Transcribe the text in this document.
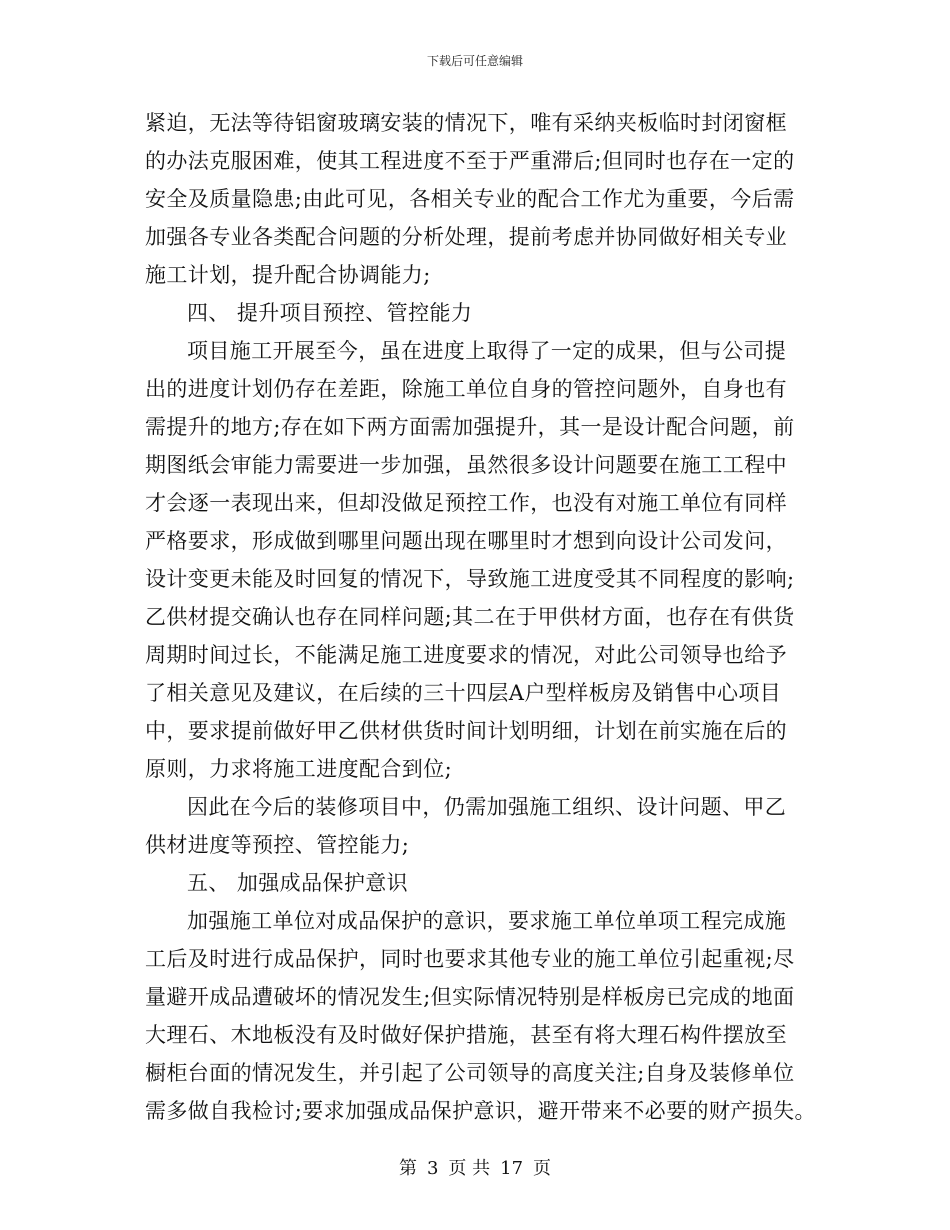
下载后可任意编辑
紧迫，无法等待铝窗玻璃安装的情况下，唯有采纳夹板临时封闭窗框
的办法克服困难，使其工程进度不至于严重滞后;但同时也存在一定的
安全及质量隐患;由此可见，各相关专业的配合工作尤为重要，今后需
加强各专业各类配合问题的分析处理，提前考虑并协同做好相关专业
施工计划，提升配合协调能力;
四、 提升项目预控、管控能力
项目施工开展至今，虽在进度上取得了一定的成果，但与公司提
出的进度计划仍存在差距，除施工单位自身的管控问题外，自身也有
需提升的地方;存在如下两方面需加强提升，其一是设计配合问题，前
期图纸会审能力需要进一步加强，虽然很多设计问题要在施工工程中
才会逐一表现出来，但却没做足预控工作，也没有对施工单位有同样
严格要求，形成做到哪里问题出现在哪里时才想到向设计公司发问，
设计变更未能及时回复的情况下，导致施工进度受其不同程度的影响;
乙供材提交确认也存在同样问题;其二在于甲供材方面，也存在有供货
周期时间过长，不能满足施工进度要求的情况，对此公司领导也给予
了相关意见及建议，在后续的三十四层A户型样板房及销售中心项目
中，要求提前做好甲乙供材供货时间计划明细，计划在前实施在后的
原则，力求将施工进度配合到位;
因此在今后的装修项目中，仍需加强施工组织、设计问题、甲乙
供材进度等预控、管控能力;
五、 加强成品保护意识
加强施工单位对成品保护的意识，要求施工单位单项工程完成施
工后及时进行成品保护，同时也要求其他专业的施工单位引起重视;尽
量避开成品遭破坏的情况发生;但实际情况特别是样板房已完成的地面
大理石、木地板没有及时做好保护措施，甚至有将大理石构件摆放至
橱柜台面的情况发生，并引起了公司领导的高度关注;自身及装修单位
需多做自我检讨;要求加强成品保护意识，避开带来不必要的财产损失。
第 3 页 共 17 页
